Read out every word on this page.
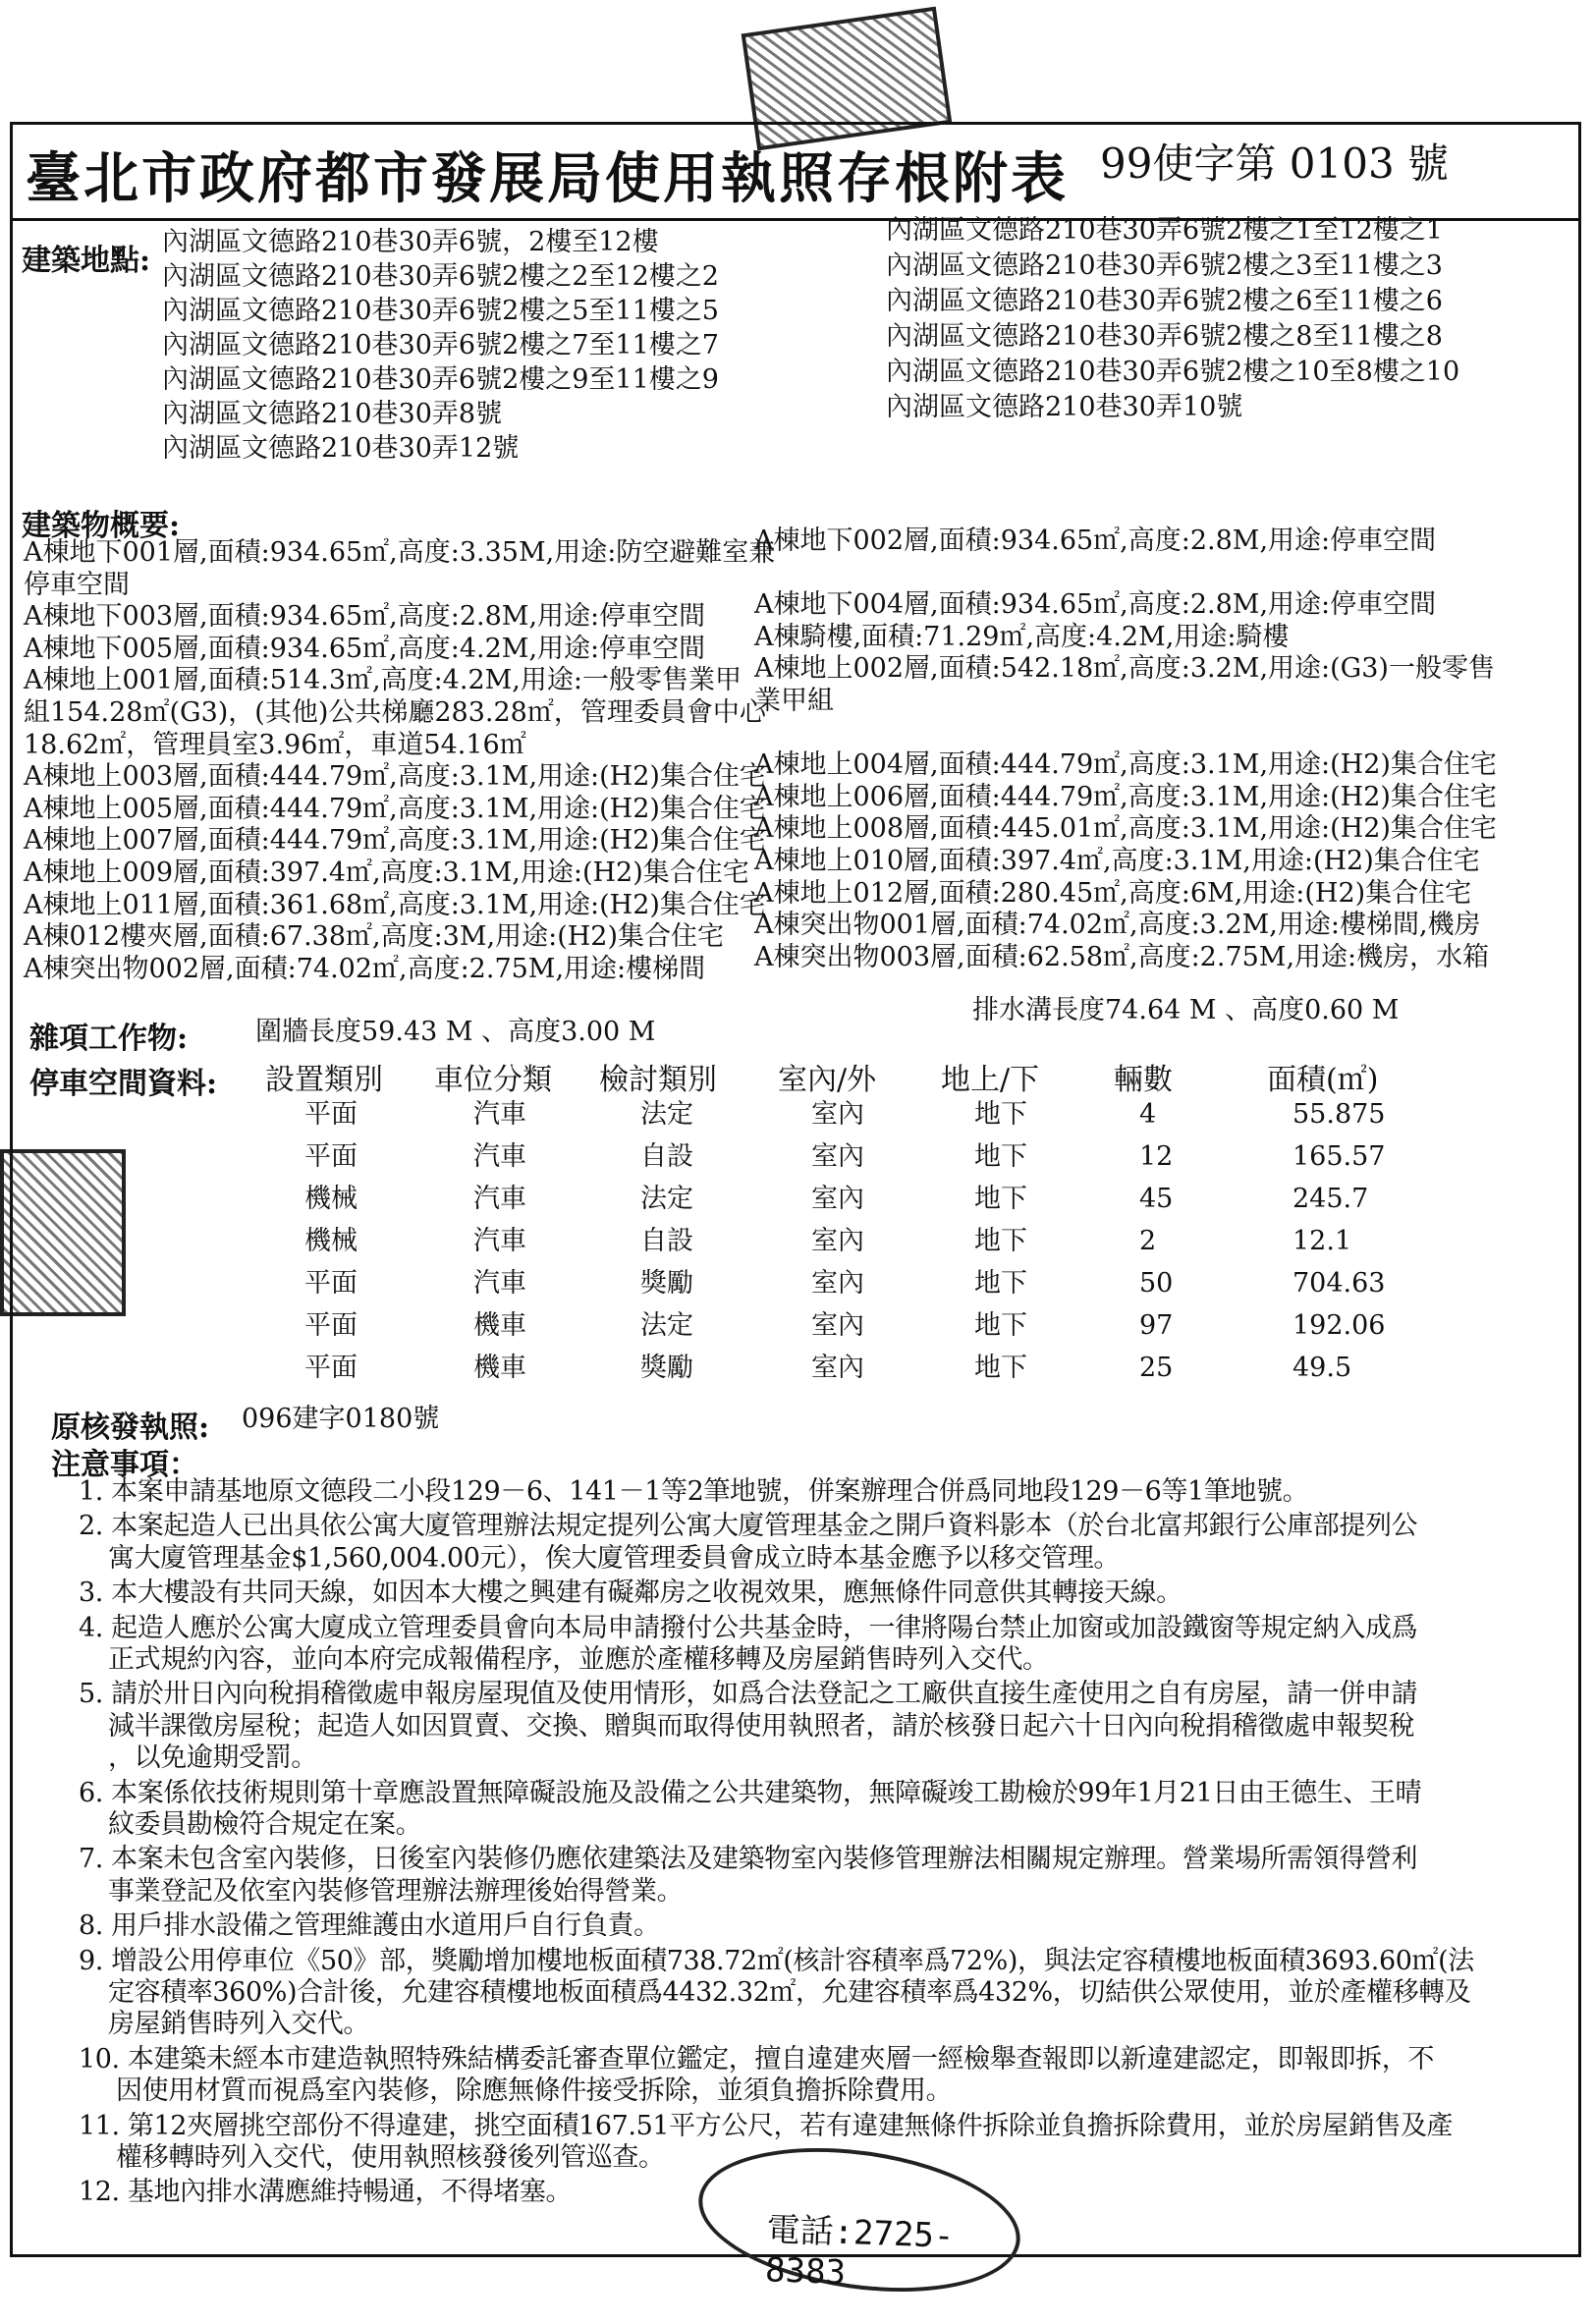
臺北市政府都市發展局使用執照存根附表 99使字第 0103 號
建築地點:
內湖區文德路210巷30弄6號，2樓至12樓
內湖區文德路210巷30弄6號2樓之2至12樓之2
內湖區文德路210巷30弄6號2樓之5至11樓之5
內湖區文德路210巷30弄6號2樓之7至11樓之7
內湖區文德路210巷30弄6號2樓之9至11樓之9
內湖區文德路210巷30弄8號
內湖區文德路210巷30弄12號
內湖區文德路210巷30弄6號2樓之1至12樓之1
內湖區文德路210巷30弄6號2樓之3至11樓之3
內湖區文德路210巷30弄6號2樓之6至11樓之6
內湖區文德路210巷30弄6號2樓之8至11樓之8
內湖區文德路210巷30弄6號2樓之10至8樓之10
內湖區文德路210巷30弄10號
建築物概要:
A棟地下001層,面積:934.65㎡,高度:3.35M,用途:防空避難室兼
A棟地下002層,面積:934.65㎡,高度:2.8M,用途:停車空間
停車空間
A棟地下003層,面積:934.65㎡,高度:2.8M,用途:停車空間 A棟地下004層,面積:934.65㎡,高度:2.8M,用途:停車空間
A棟地下005層,面積:934.65㎡,高度:4.2M,用途:停車空間 A棟騎樓,面積:71.29㎡,高度:4.2M,用途:騎樓
A棟地上001層,面積:514.3㎡,高度:4.2M,用途:一般零售業甲 A棟地上002層,面積:542.18㎡,高度:3.2M,用途:(G3)一般零售
組154.28㎡(G3)，(其他)公共梯廳283.28㎡，管理委員會中心
業甲組
18.62㎡，管理員室3.96㎡，車道54.16㎡
A棟地上003層,面積:444.79㎡,高度:3.1M,用途:(H2)集合住宅
A棟地上004層,面積:444.79㎡,高度:3.1M,用途:(H2)集合住宅
A棟地上005層,面積:444.79㎡,高度:3.1M,用途:(H2)集合住宅
A棟地上006層,面積:444.79㎡,高度:3.1M,用途:(H2)集合住宅
A棟地上007層,面積:444.79㎡,高度:3.1M,用途:(H2)集合住宅
A棟地上008層,面積:445.01㎡,高度:3.1M,用途:(H2)集合住宅
A棟地上009層,面積:397.4㎡,高度:3.1M,用途:(H2)集合住宅 A棟地上010層,面積:397.4㎡,高度:3.1M,用途:(H2)集合住宅
A棟地上011層,面積:361.68㎡,高度:3.1M,用途:(H2)集合住宅
A棟地上012層,面積:280.45㎡,高度:6M,用途:(H2)集合住宅
A棟012樓夾層,面積:67.38㎡,高度:3M,用途:(H2)集合住宅 A棟突出物001層,面積:74.02㎡,高度:3.2M,用途:樓梯間,機房
A棟突出物002層,面積:74.02㎡,高度:2.75M,用途:樓梯間 A棟突出物003層,面積:62.58㎡,高度:2.75M,用途:機房，水箱
雜項工作物:	圍牆長度59.43 M 、高度3.00 M
排水溝長度74.64 M 、高度0.60 M
停車空間資料: 設置類別 車位分類 檢討類別 室內/外 地上/下	輛數	面積(㎡)
平面	汽車	法定	室內	地下	4	55.875
平面	汽車	自設	室內	地下	12	165.57
機械	汽車	法定	室內	地下	45	245.7
機械	汽車	自設	室內	地下	2	12.1
平面	汽車	獎勵	室內	地下	50	704.63
平面	機車	法定	室內	地下	97	192.06
平面	機車	獎勵	室內	地下	25	49.5
原核發執照: 096建字0180號
注意事項：
1. 本案申請基地原文德段二小段129－6、141－1等2筆地號，併案辦理合併爲同地段129－6等1筆地號。
2. 本案起造人已出具依公寓大廈管理辦法規定提列公寓大廈管理基金之開戶資料影本（於台北富邦銀行公庫部提列公
寓大廈管理基金$1,560,004.00元），俟大廈管理委員會成立時本基金應予以移交管理。
3. 本大樓設有共同天線，如因本大樓之興建有礙鄰房之收視效果，應無條件同意供其轉接天線。
4. 起造人應於公寓大廈成立管理委員會向本局申請撥付公共基金時，一律將陽台禁止加窗或加設鐵窗等規定納入成爲
正式規約內容，並向本府完成報備程序，並應於產權移轉及房屋銷售時列入交代。
5. 請於卅日內向稅捐稽徵處申報房屋現值及使用情形，如爲合法登記之工廠供直接生產使用之自有房屋，請一併申請
減半課徵房屋稅；起造人如因買賣、交換、贈與而取得使用執照者，請於核發日起六十日內向稅捐稽徵處申報契稅
，以免逾期受罰。
6. 本案係依技術規則第十章應設置無障礙設施及設備之公共建築物，無障礙竣工勘檢於99年1月21日由王德生、王晴
紋委員勘檢符合規定在案。
7. 本案未包含室內裝修，日後室內裝修仍應依建築法及建築物室內裝修管理辦法相關規定辦理。營業場所需領得營利
事業登記及依室內裝修管理辦法辦理後始得營業。
8. 用戶排水設備之管理維護由水道用戶自行負責。
9. 增設公用停車位《50》部，獎勵增加樓地板面積738.72㎡(核計容積率爲72%)，與法定容積樓地板面積3693.60㎡(法
定容積率360%)合計後，允建容積樓地板面積爲4432.32㎡，允建容積率爲432%，切結供公眾使用，並於產權移轉及
房屋銷售時列入交代。
10. 本建築未經本市建造執照特殊結構委託審查單位鑑定，擅自違建夾層一經檢舉查報即以新違建認定，即報即拆，不
因使用材質而視爲室內裝修，除應無條件接受拆除，並須負擔拆除費用。
11. 第12夾層挑空部份不得違建，挑空面積167.51平方公尺，若有違建無條件拆除並負擔拆除費用，並於房屋銷售及產
權移轉時列入交代，使用執照核發後列管巡查。
12. 基地內排水溝應維持暢通，不得堵塞。
電話:2725-8383
